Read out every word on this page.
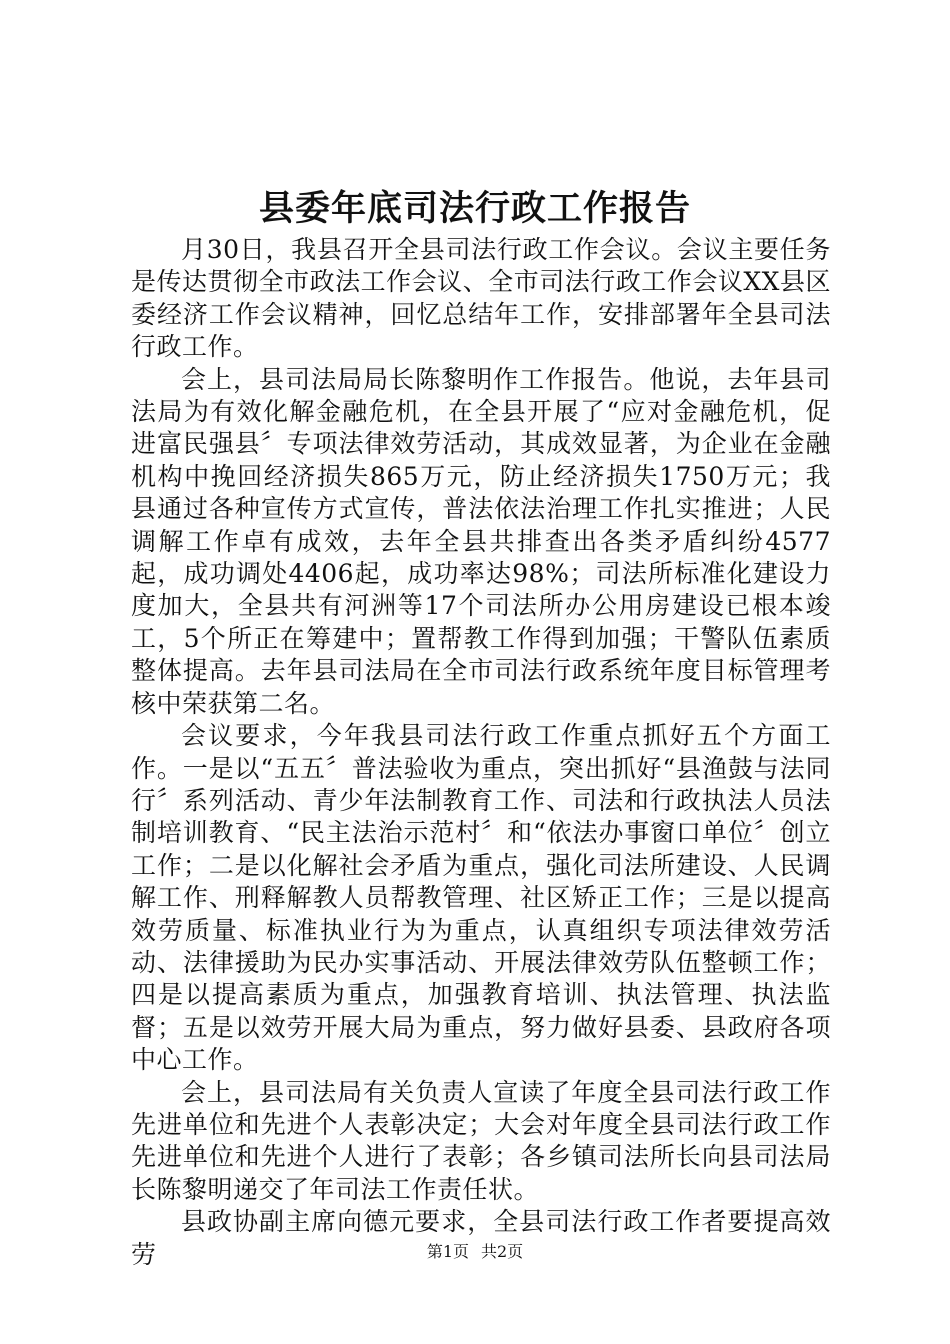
县委年底司法行政工作报告

月30日，我县召开全县司法行政工作会议。会议主要任务是传达贯彻全市政法工作会议、全市司法行政工作会议XX县区委经济工作会议精神，回忆总结年工作，安排部署年全县司法行政工作。

会上，县司法局局长陈黎明作工作报告。他说，去年县司法局为有效化解金融危机，在全县开展了“应对金融危机，促进富民强县〞专项法律效劳活动，其成效显著，为企业在金融机构中挽回经济损失865万元，防止经济损失1750万元；我县通过各种宣传方式宣传，普法依法治理工作扎实推进；人民调解工作卓有成效，去年全县共排查出各类矛盾纠纷4577起，成功调处4406起，成功率达98%；司法所标准化建设力度加大，全县共有河洲等17个司法所办公用房建设已根本竣工，5个所正在筹建中；置帮教工作得到加强；干警队伍素质整体提高。去年县司法局在全市司法行政系统年度目标管理考核中荣获第二名。

会议要求，今年我县司法行政工作重点抓好五个方面工作。一是以“五五〞普法验收为重点，突出抓好“县渔鼓与法同行〞系列活动、青少年法制教育工作、司法和行政执法人员法制培训教育、“民主法治示范村〞和“依法办事窗口单位〞创立工作；二是以化解社会矛盾为重点，强化司法所建设、人民调解工作、刑释解教人员帮教管理、社区矫正工作；三是以提高效劳质量、标准执业行为为重点，认真组织专项法律效劳活动、法律援助为民办实事活动、开展法律效劳队伍整顿工作；四是以提高素质为重点，加强教育培训、执法管理、执法监督；五是以效劳开展大局为重点，努力做好县委、县政府各项中心工作。

会上，县司法局有关负责人宣读了年度全县司法行政工作先进单位和先进个人表彰决定；大会对年度全县司法行政工作先进单位和先进个人进行了表彰；各乡镇司法所长向县司法局长陈黎明递交了年司法工作责任状。

县政协副主席向德元要求，全县司法行政工作者要提高效劳	第1页 共2页
